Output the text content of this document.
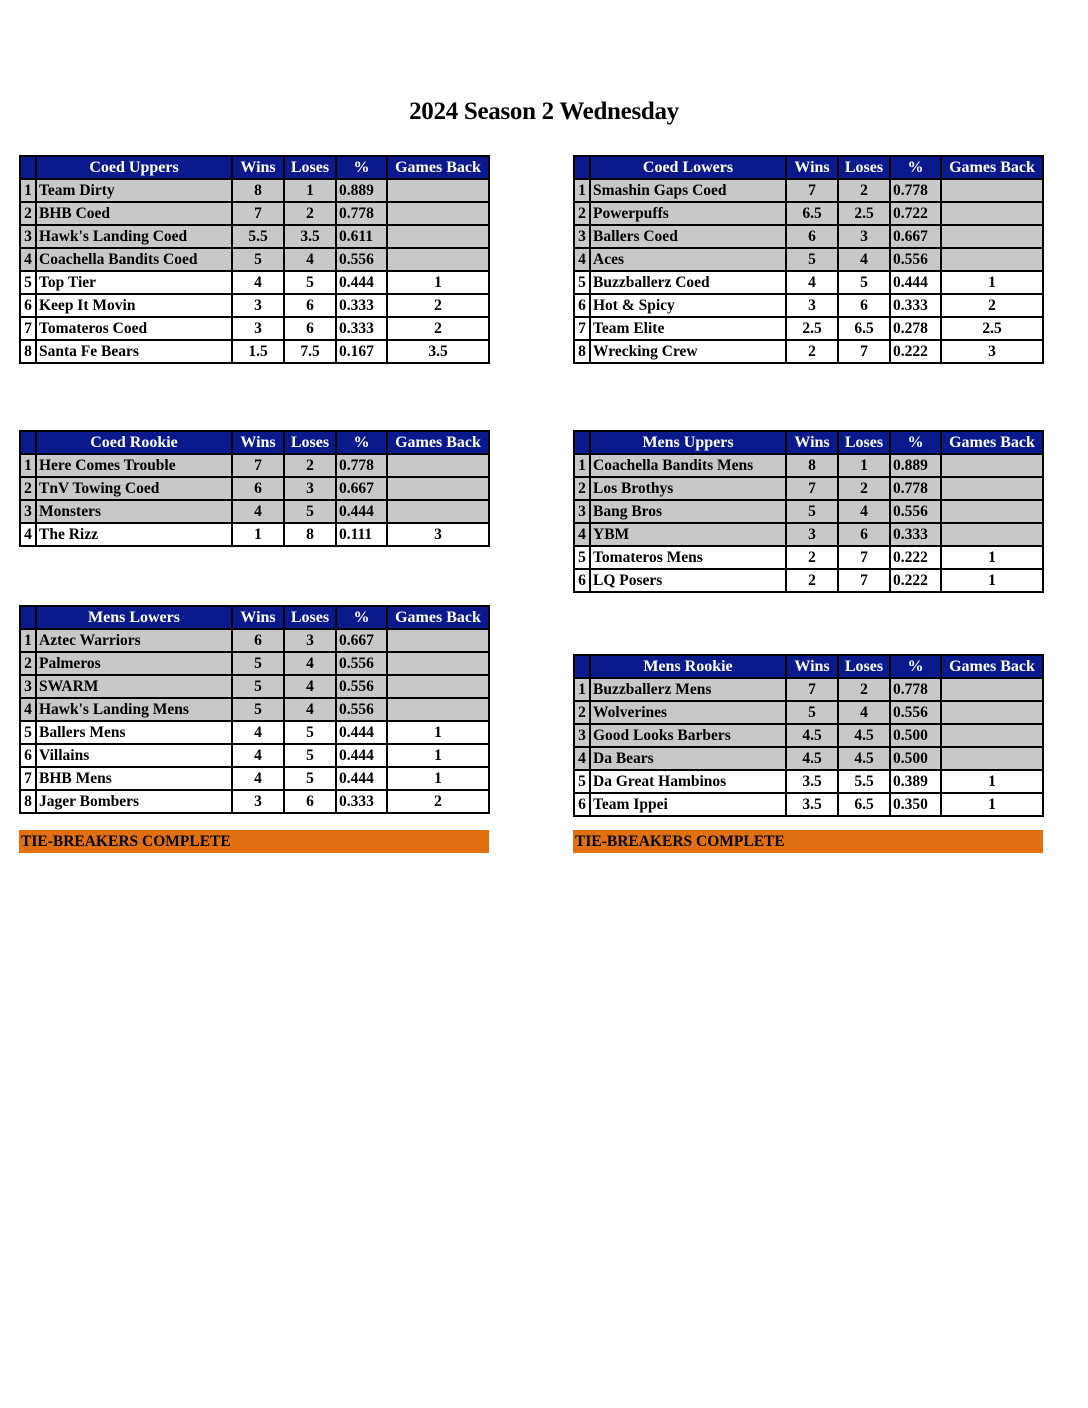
2024 Season 2 Wednesday
	Coed Uppers	Wins	Loses	%	Games Back
1	Team Dirty	8	1	0.889	
2	BHB Coed	7	2	0.778	
3	Hawk's Landing Coed	5.5	3.5	0.611	
4	Coachella Bandits Coed	5	4	0.556	
5	Top Tier	4	5	0.444	1
6	Keep It Movin	3	6	0.333	2
7	Tomateros Coed	3	6	0.333	2
8	Santa Fe Bears	1.5	7.5	0.167	3.5
	Coed Lowers	Wins	Loses	%	Games Back
1	Smashin Gaps Coed	7	2	0.778	
2	Powerpuffs	6.5	2.5	0.722	
3	Ballers Coed	6	3	0.667	
4	Aces	5	4	0.556	
5	Buzzballerz Coed	4	5	0.444	1
6	Hot & Spicy	3	6	0.333	2
7	Team Elite	2.5	6.5	0.278	2.5
8	Wrecking Crew	2	7	0.222	3
	Coed Rookie	Wins	Loses	%	Games Back
1	Here Comes Trouble	7	2	0.778	
2	TnV Towing Coed	6	3	0.667	
3	Monsters	4	5	0.444	
4	The Rizz	1	8	0.111	3
	Mens Uppers	Wins	Loses	%	Games Back
1	Coachella Bandits Mens	8	1	0.889	
2	Los Brothys	7	2	0.778	
3	Bang Bros	5	4	0.556	
4	YBM	3	6	0.333	
5	Tomateros Mens	2	7	0.222	1
6	LQ Posers	2	7	0.222	1
	Mens Lowers	Wins	Loses	%	Games Back
1	Aztec Warriors	6	3	0.667	
2	Palmeros	5	4	0.556	
3	SWARM	5	4	0.556	
4	Hawk's Landing Mens	5	4	0.556	
5	Ballers Mens	4	5	0.444	1
6	Villains	4	5	0.444	1
7	BHB Mens	4	5	0.444	1
8	Jager Bombers	3	6	0.333	2
TIE-BREAKERS COMPLETE
	Mens Rookie	Wins	Loses	%	Games Back
1	Buzzballerz Mens	7	2	0.778	
2	Wolverines	5	4	0.556	
3	Good Looks Barbers	4.5	4.5	0.500	
4	Da Bears	4.5	4.5	0.500	
5	Da Great Hambinos	3.5	5.5	0.389	1
6	Team Ippei	3.5	6.5	0.350	1
TIE-BREAKERS COMPLETE
